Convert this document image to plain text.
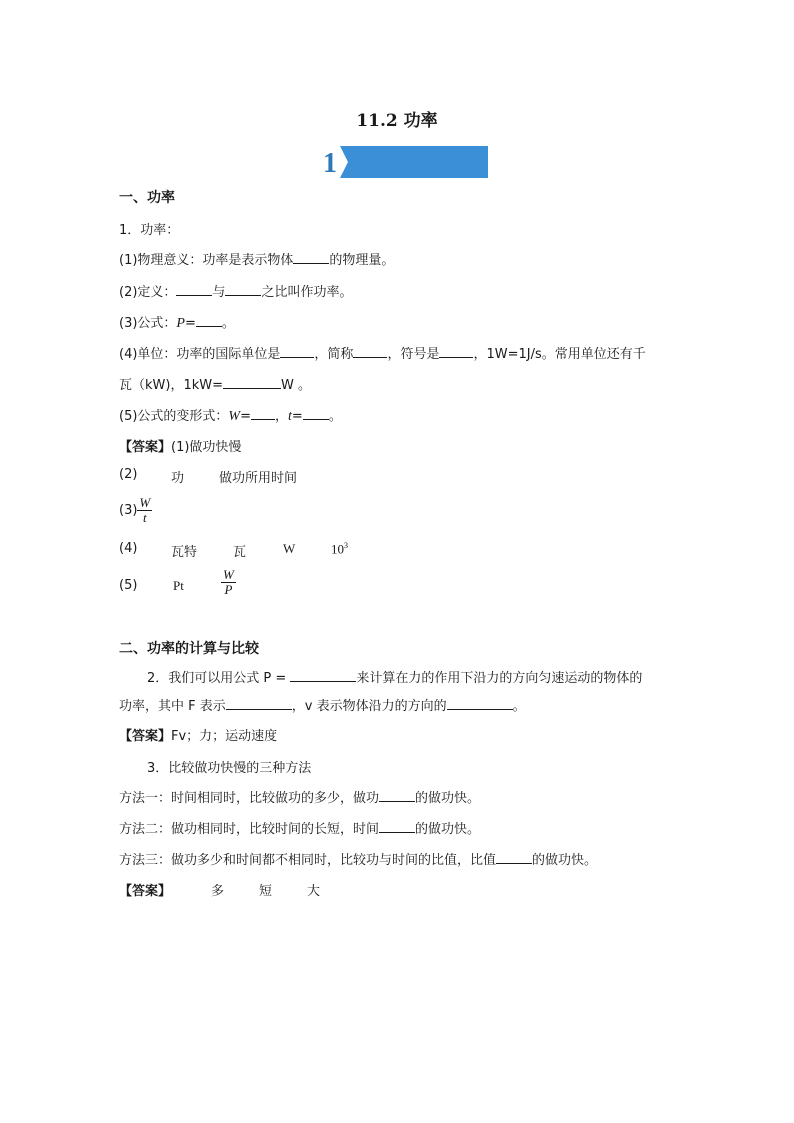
11.2 功率
1
一、功率
1．功率：
(1)物理意义：功率是表示物体	的物理量。
(2)定义：	与	之比叫作功率。
(3)公式：P= 。
(4)单位：功率的国际单位是	，简称	，符号是	，1W=1J/s。常用单位还有千
瓦（kW)，1kW=	W 。
(5)公式的变形式：W= ，t= 。
【答案】(1)做功快慢
(2)	功	做功所用时间
$(3) \frac{W}{t}$
(4)	瓦特	瓦	W	$10^3$
(5)	Pt	$\frac{W}{P}$
二、功率的计算与比较
2．我们可以用公式 P =	来计算在力的作用下沿力的方向匀速运动的物体的
功率，其中 F 表示	，v 表示物体沿力的方向的	。
【答案】Fv；力；运动速度
3．比较做功快慢的三种方法
方法一：时间相同时，比较做功的多少，做功	的做功快。
方法二：做功相同时，比较时间的长短，时间	的做功快。
方法三：做功多少和时间都不相同时，比较功与时间的比值，比值	的做功快。
【答案】	多	短	大
